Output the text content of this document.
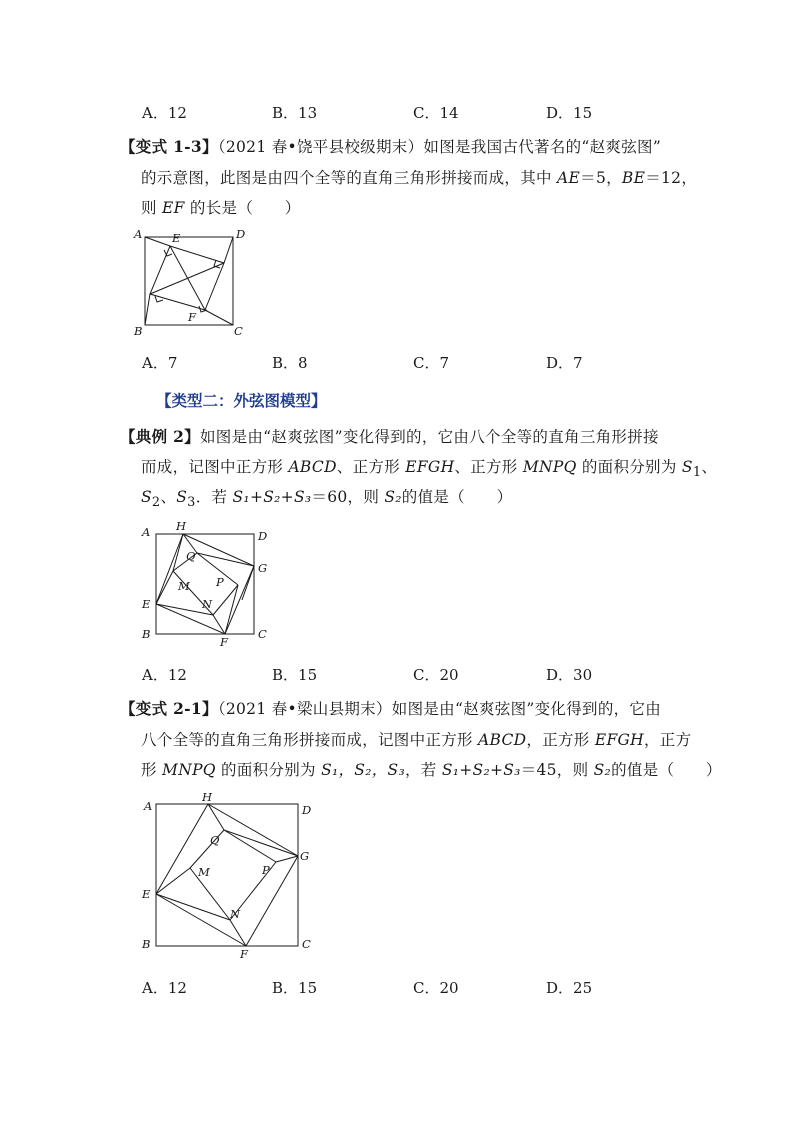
A．12	B．13	C．14	D．15
【变式 1-3】（2021 春•饶平县校级期末）如图是我国古代著名的“赵爽弦图”
的示意图，此图是由四个全等的直角三角形拼接而成，其中 AE＝5，BE＝12，
则 EF 的长是（　　）
A	E	D
B
F
C
A．7	B．8	C．7	D．7
【类型二：外弦图模型】
【典例 2】如图是由“赵爽弦图”变化得到的，它由八个全等的直角三角形拼接
而成，记图中正方形 ABCD、正方形 EFGH、正方形 MNPQ 的面积分别为 $S_1$、
$S_2$、$S_3$．若 S₁+S₂+S₃＝60，则 S₂的值是（　　）
A H
D
Q
G
P
M
E	N
B
F
C
A．12	B．15	C．20	D．30
【变式 2-1】（2021 春•梁山县期末）如图是由“赵爽弦图”变化得到的，它由
八个全等的直角三角形拼接而成，记图中正方形 ABCD，正方形 EFGH，正方
形 MNPQ 的面积分别为 S₁，S₂，S₃，若 S₁+S₂+S₃＝45，则 S₂的值是（　　）
A
H
D
Q
G
P
M
E
N
B
F
C
A．12	B．15	C．20	D．25
